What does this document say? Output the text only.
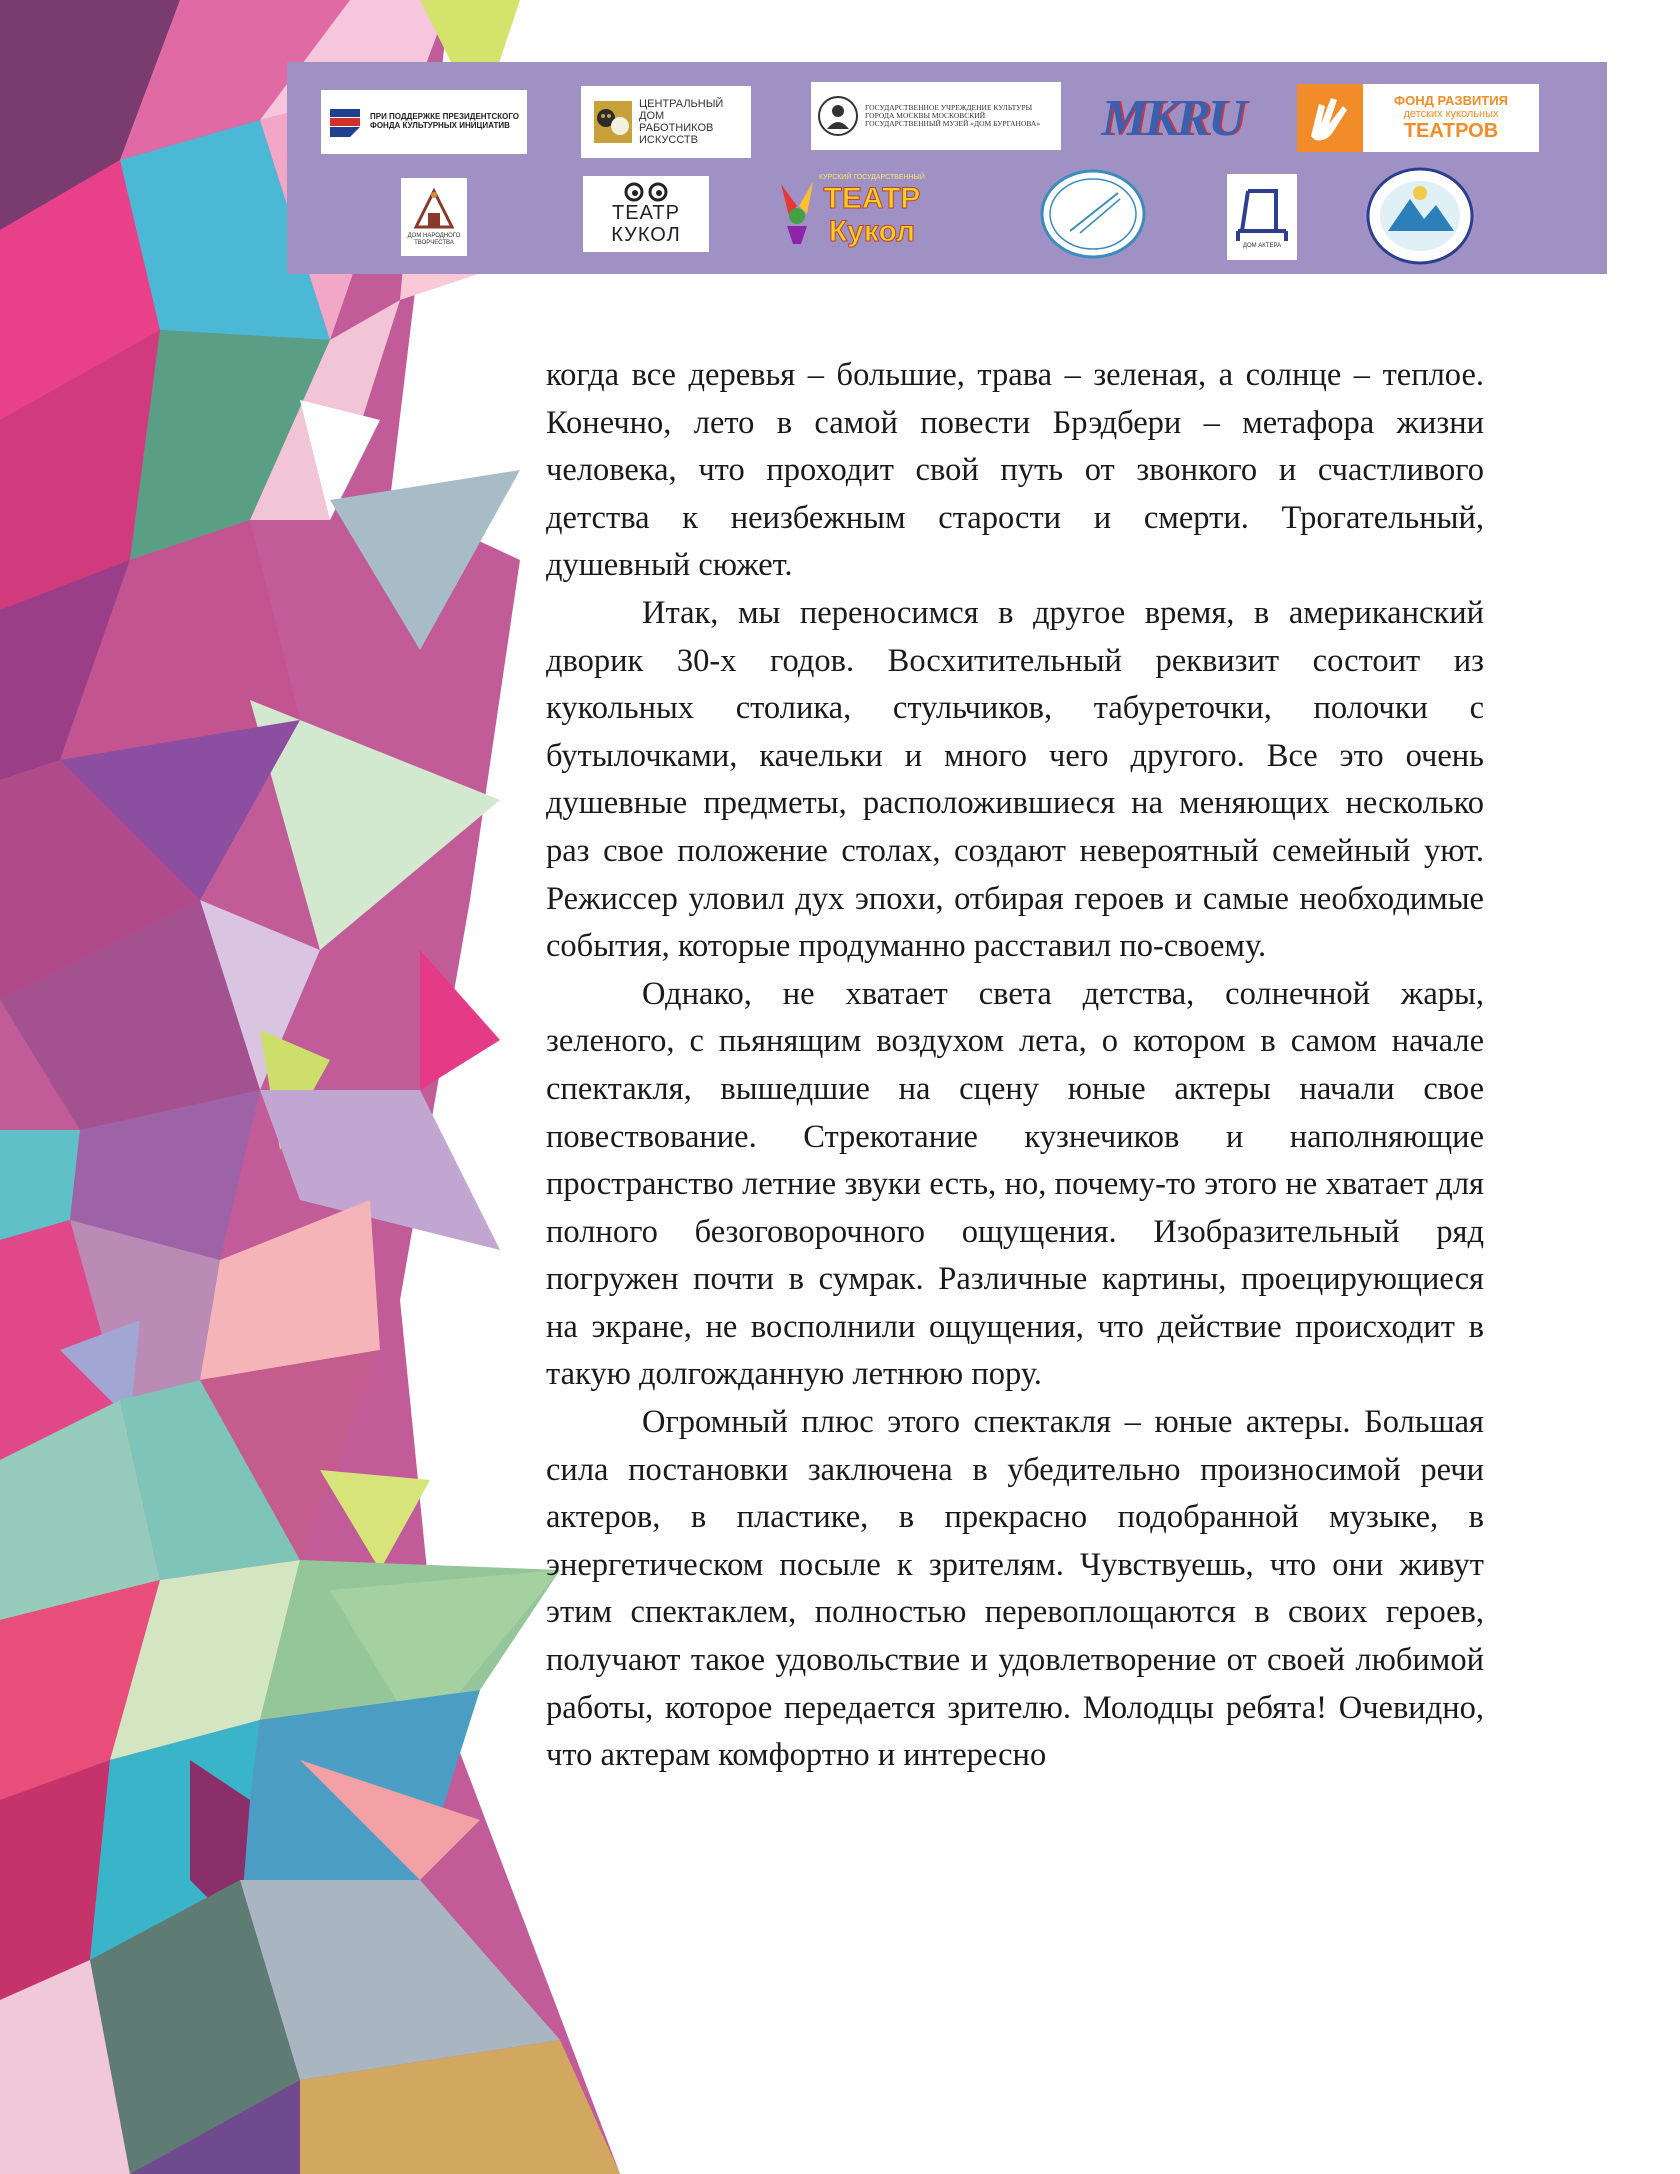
ПРИ ПОДДЕРЖКЕ ПРЕЗИДЕНТСКОГО ФОНДА КУЛЬТУРНЫХ ИНИЦИАТИВ
ЦЕНТРАЛЬНЫЙ ДОМ РАБОТНИКОВ ИСКУССТВ
ГОСУДАРСТВЕННОЕ УЧРЕЖДЕНИЕ КУЛЬТУРЫ ГОРОДА МОСКВЫ МОСКОВСКИЙ ГОСУДАРСТВЕННЫЙ МУЗЕЙ «ДОМ БУРГАНОВА» MKRU	ФОНД РАЗВИТИЯ
детских кукольных
ТЕАТРОВ
ДОМ НАРОДНОГО ТВОРЧЕСТВА
ТЕАТР
КУКОЛ
КУРСКИЙ ГОСУДАРСТВЕННЫЙ
ТЕАТР
Кукол	ДОМ АКТЕРА

когда все деревья – большие, трава – зеленая, а солнце – теплое. Конечно, лето в самой повести Брэдбери – метафора жизни человека, что проходит свой путь от звонкого и счастливого детства к неизбежным старости и смерти. Трогательный, душевный сюжет.

Итак, мы переносимся в другое время, в американский дворик 30-х годов. Восхитительный реквизит состоит из кукольных столика, стульчиков, табуреточки, полочки с бутылочками, качельки и много чего другого. Все это очень душевные предметы, расположившиеся на меняющих несколько раз свое положение столах, создают невероятный семейный уют. Режиссер уловил дух эпохи, отбирая героев и самые необходимые события, которые продуманно расставил по-своему.

Однако, не хватает света детства, солнечной жары, зеленого, с пьянящим воздухом лета, о котором в самом начале спектакля, вышедшие на сцену юные актеры начали свое повествование. Стрекотание кузнечиков и наполняющие пространство летние звуки есть, но, почему-то этого не хватает для полного безоговорочного ощущения. Изобразительный ряд погружен почти в сумрак. Различные картины, проецирующиеся на экране, не восполнили ощущения, что действие происходит в такую долгожданную летнюю пору.

Огромный плюс этого спектакля – юные актеры. Большая сила постановки заключена в убедительно произносимой речи актеров, в пластике, в прекрасно подобранной музыке, в энергетическом посыле к зрителям. Чувствуешь, что они живут этим спектаклем, полностью перевоплощаются в своих героев, получают такое удовольствие и удовлетворение от своей любимой работы, которое передается зрителю. Молодцы ребята! Очевидно, что актерам комфортно и интересно
